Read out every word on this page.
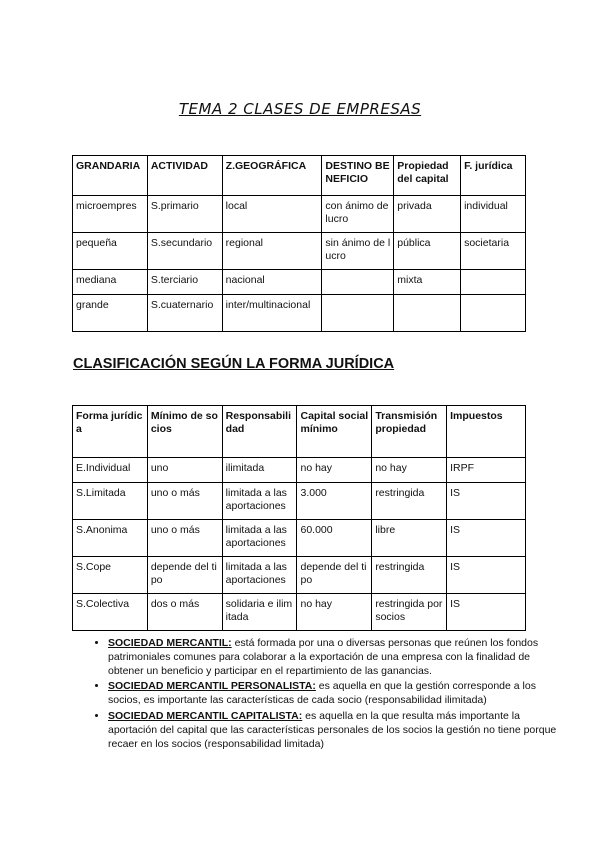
TEMA 2 CLASES DE EMPRESAS
GRANDARIA	ACTIVIDAD	Z.GEOGRÁFICA	DESTINO BENEFICIO	Propiedad del capital	F. jurídica
microempres	S.primario	local	con ánimo de lucro	privada	individual
pequeña	S.secundario	regional	sin ánimo de lucro	pública	societaria
mediana	S.terciario	nacional		mixta	
grande	S.cuaternario	inter/multinacional			
CLASIFICACIÓN SEGÚN LA FORMA JURÍDICA
Forma jurídica	Mínimo de socios	Responsabilidad	Capital social mínimo	Transmisión propiedad	Impuestos
E.Individual	uno	ilimitada	no hay	no hay	IRPF
S.Limitada	uno o más	limitada a las aportaciones	3.000	restringida	IS
S.Anonima	uno o más	limitada a las aportaciones	60.000	libre	IS
S.Cope	depende del tipo	limitada a las aportaciones	depende del tipo	restringida	IS
S.Colectiva	dos o más	solidaria e ilimitada	no hay	restringida por socios	IS
• SOCIEDAD MERCANTIL: está formada por una o diversas personas que reúnen los fondos patrimoniales comunes para colaborar a la exportación de una empresa con la finalidad de obtener un beneficio y participar en el repartimiento de las ganancias.
• SOCIEDAD MERCANTIL PERSONALISTA: es aquella en que la gestión corresponde a los socios, es importante las características de cada socio (responsabilidad ilimitada)
• SOCIEDAD MERCANTIL CAPITALISTA: es aquella en la que resulta más importante la aportación del capital que las características personales de los socios la gestión no tiene porque recaer en los socios (responsabilidad limitada)
